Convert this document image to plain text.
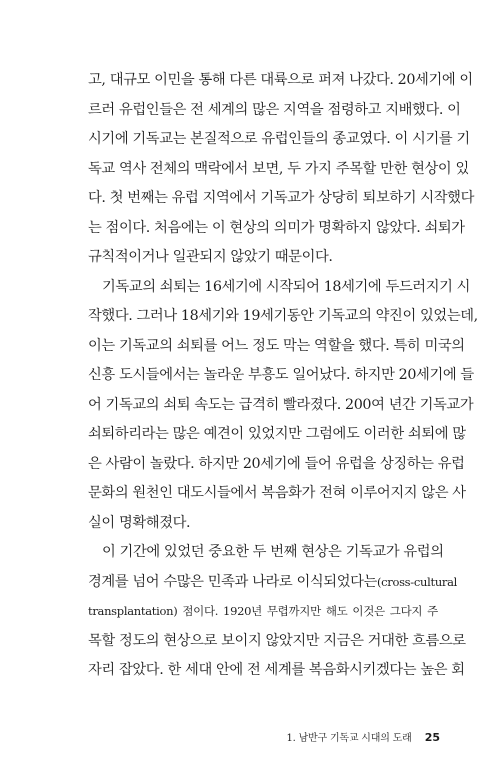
고, 대규모 이민을 통해 다른 대륙으로 퍼져 나갔다. 20세기에 이
르러 유럽인들은 전 세계의 많은 지역을 점령하고 지배했다. 이
시기에 기독교는 본질적으로 유럽인들의 종교였다. 이 시기를 기
독교 역사 전체의 맥락에서 보면, 두 가지 주목할 만한 현상이 있
다. 첫 번째는 유럽 지역에서 기독교가 상당히 퇴보하기 시작했다
는 점이다. 처음에는 이 현상의 의미가 명확하지 않았다. 쇠퇴가
규칙적이거나 일관되지 않았기 때문이다.
기독교의 쇠퇴는 16세기에 시작되어 18세기에 두드러지기 시
작했다. 그러나 18세기와 19세기동안 기독교의 약진이 있었는데,
이는 기독교의 쇠퇴를 어느 정도 막는 역할을 했다. 특히 미국의
신흥 도시들에서는 놀라운 부흥도 일어났다. 하지만 20세기에 들
어 기독교의 쇠퇴 속도는 급격히 빨라졌다. 200여 년간 기독교가
쇠퇴하리라는 많은 예견이 있었지만 그럼에도 이러한 쇠퇴에 많
은 사람이 놀랐다. 하지만 20세기에 들어 유럽을 상징하는 유럽
문화의 원천인 대도시들에서 복음화가 전혀 이루어지지 않은 사
실이 명확해졌다.
이 기간에 있었던 중요한 두 번째 현상은 기독교가 유럽의
경계를 넘어 수많은 민족과 나라로 이식되었다는(cross-cultural
transplantation) 점이다. 1920년 무렵까지만 해도 이것은 그다지 주
목할 정도의 현상으로 보이지 않았지만 지금은 거대한 흐름으로
자리 잡았다. 한 세대 안에 전 세계를 복음화시키겠다는 높은 회
1. 남반구 기독교 시대의 도래 25
